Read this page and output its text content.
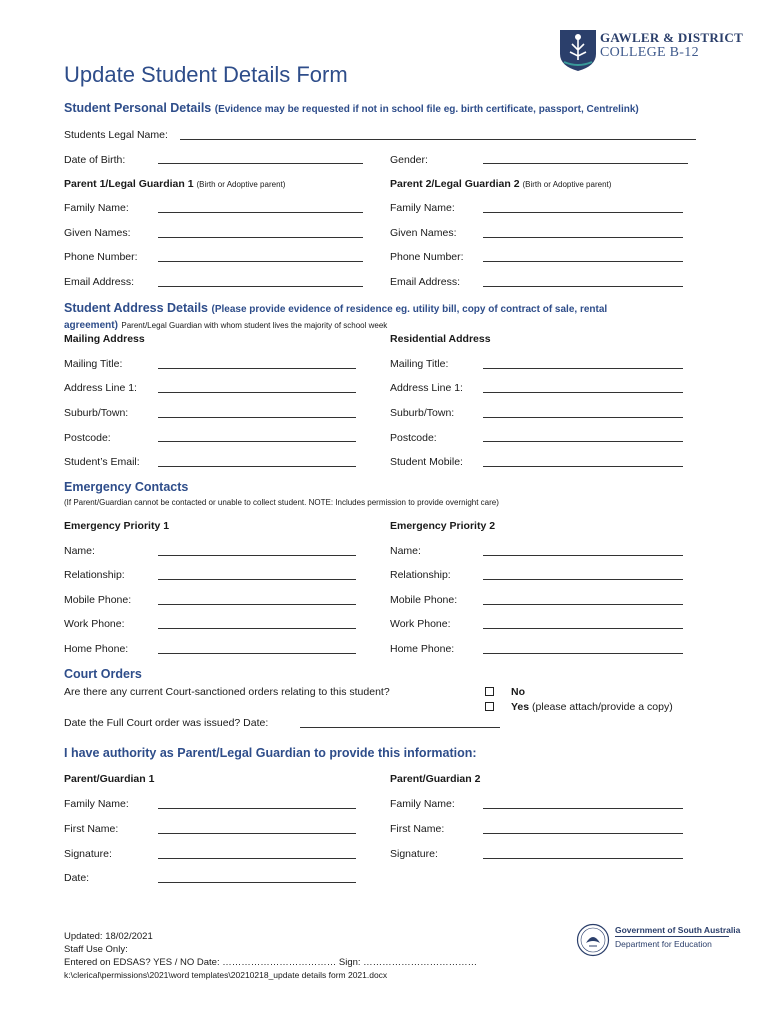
GAWLER & DISTRICT
COLLEGE B-12
Update Student Details Form
Student Personal Details (Evidence may be requested if not in school file eg. birth certificate, passport, Centrelink)
Students Legal Name:
Date of Birth:	Gender:
Parent 1/Legal Guardian 1 (Birth or Adoptive parent)	Parent 2/Legal Guardian 2 (Birth or Adoptive parent)
Family Name:	Family Name:
Given Names:	Given Names:
Phone Number:	Phone Number:
Email Address:	Email Address:
Student Address Details (Please provide evidence of residence eg. utility bill, copy of contract of sale, rental
agreement) Parent/Legal Guardian with whom student lives the majority of school week
Mailing Address	Residential Address
Mailing Title:	Mailing Title:
Address Line 1:	Address Line 1:
Suburb/Town:	Suburb/Town:
Postcode:	Postcode:
Student’s Email:	Student Mobile:
Emergency Contacts
(If Parent/Guardian cannot be contacted or unable to collect student. NOTE: Includes permission to provide overnight care)
Emergency Priority 1	Emergency Priority 2
Name:	Name:
Relationship:	Relationship:
Mobile Phone:	Mobile Phone:
Work Phone:	Work Phone:
Home Phone:	Home Phone:
Court Orders
Are there any current Court-sanctioned orders relating to this student?	No
Yes (please attach/provide a copy)
Date the Full Court order was issued? Date:
I have authority as Parent/Legal Guardian to provide this information:
Parent/Guardian 1	Parent/Guardian 2
Family Name:	Family Name:
First Name:	First Name:
Signature:	Signature:
Date:
Updated: 18/02/2021
Staff Use Only:
Entered on EDSAS? YES / NO Date: ……………………………… Sign: ………………………………
k:\clerical\permissions\2021\word templates\20210218_update details form 2021.docx
Government of South Australia
Department for Education
